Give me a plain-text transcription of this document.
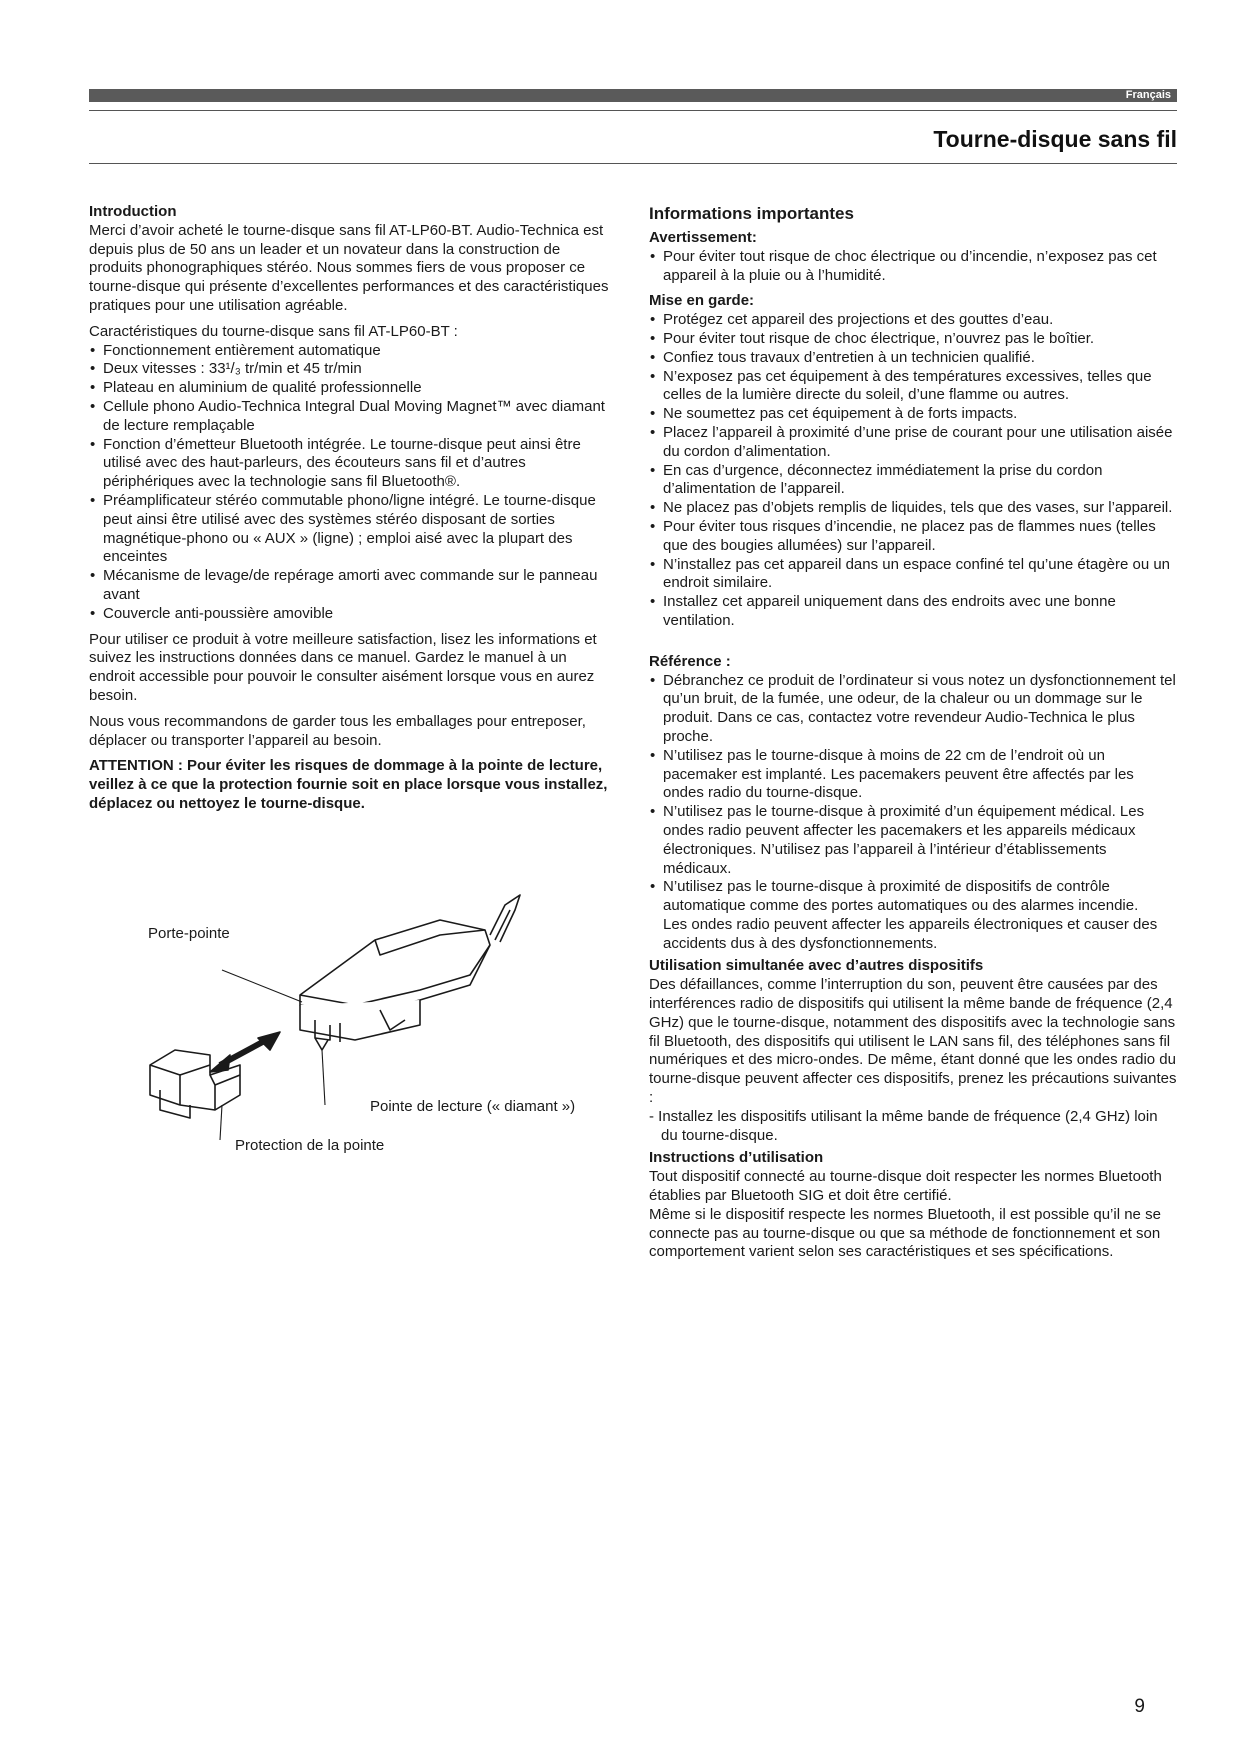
Français
Tourne-disque sans fil

Introduction

Merci d’avoir acheté le tourne-disque sans fil AT-LP60-BT. Audio-Technica est depuis plus de 50 ans un leader et un novateur dans la construction de produits phonographiques stéréo. Nous sommes fiers de vous proposer ce tourne-disque qui présente d’excellentes performances et des caractéristiques pratiques pour une utilisation agréable.

Caractéristiques du tourne-disque sans fil AT-LP60-BT :

• Fonctionnement entièrement automatique
• Deux vitesses : 33¹/₃ tr/min et 45 tr/min
• Plateau en aluminium de qualité professionnelle
• Cellule phono Audio-Technica Integral Dual Moving Magnet™ avec diamant de lecture remplaçable
• Fonction d’émetteur Bluetooth intégrée. Le tourne-disque peut ainsi être utilisé avec des haut-parleurs, des écouteurs sans fil et d’autres périphériques avec la technologie sans fil Bluetooth®.
• Préamplificateur stéréo commutable phono/ligne intégré. Le tourne-disque peut ainsi être utilisé avec des systèmes stéréo disposant de sorties magnétique-phono ou « AUX » (ligne) ; emploi aisé avec la plupart des enceintes
• Mécanisme de levage/de repérage amorti avec commande sur le panneau avant
• Couvercle anti-poussière amovible

Pour utiliser ce produit à votre meilleure satisfaction, lisez les informations et suivez les instructions données dans ce manuel. Gardez le manuel à un endroit accessible pour pouvoir le consulter aisément lorsque vous en aurez besoin.

Nous vous recommandons de garder tous les emballages pour entreposer, déplacer ou transporter l’appareil au besoin.

ATTENTION : Pour éviter les risques de dommage à la pointe de lecture, veillez à ce que la protection fournie soit en place lorsque vous installez, déplacez ou nettoyez le tourne-disque.

Porte-pointe
Pointe de lecture (« diamant »)
Protection de la pointe

Informations importantes

Avertissement:

• Pour éviter tout risque de choc électrique ou d’incendie, n’exposez pas cet appareil à la pluie ou à l’humidité.

Mise en garde:

• Protégez cet appareil des projections et des gouttes d’eau.
• Pour éviter tout risque de choc électrique, n’ouvrez pas le boîtier.
• Confiez tous travaux d’entretien à un technicien qualifié.
• N’exposez pas cet équipement à des températures excessives, telles que celles de la lumière directe du soleil, d’une flamme ou autres.
• Ne soumettez pas cet équipement à de forts impacts.
• Placez l’appareil à proximité d’une prise de courant pour une utilisation aisée du cordon d’alimentation.
• En cas d’urgence, déconnectez immédiatement la prise du cordon d’alimentation de l’appareil.
• Ne placez pas d’objets remplis de liquides, tels que des vases, sur l’appareil.
• Pour éviter tous risques d’incendie, ne placez pas de flammes nues (telles que des bougies allumées) sur l’appareil.
• N’installez pas cet appareil dans un espace confiné tel qu’une étagère ou un endroit similaire.
• Installez cet appareil uniquement dans des endroits avec une bonne ventilation.

Référence :

• Débranchez ce produit de l’ordinateur si vous notez un dysfonctionnement tel qu’un bruit, de la fumée, une odeur, de la chaleur ou un dommage sur le produit. Dans ce cas, contactez votre revendeur Audio-Technica le plus proche.
• N’utilisez pas le tourne-disque à moins de 22 cm de l’endroit où un pacemaker est implanté. Les pacemakers peuvent être affectés par les ondes radio du tourne-disque.
• N’utilisez pas le tourne-disque à proximité d’un équipement médical. Les ondes radio peuvent affecter les pacemakers et les appareils médicaux électroniques. N’utilisez pas l’appareil à l’intérieur d’établissements médicaux.
• N’utilisez pas le tourne-disque à proximité de dispositifs de contrôle automatique comme des portes automatiques ou des alarmes incendie.

Les ondes radio peuvent affecter les appareils électroniques et causer des accidents dus à des dysfonctionnements.

Utilisation simultanée avec d’autres dispositifs

Des défaillances, comme l’interruption du son, peuvent être causées par des interférences radio de dispositifs qui utilisent la même bande de fréquence (2,4 GHz) que le tourne-disque, notamment des dispositifs avec la technologie sans fil Bluetooth, des dispositifs qui utilisent le LAN sans fil, des téléphones sans fil numériques et des micro-ondes. De même, étant donné que les ondes radio du tourne-disque peuvent affecter ces dispositifs, prenez les précautions suivantes :

- Installez les dispositifs utilisant la même bande de fréquence (2,4 GHz) loin du tourne-disque.

Instructions d’utilisation

Tout dispositif connecté au tourne-disque doit respecter les normes Bluetooth établies par Bluetooth SIG et doit être certifié.

Même si le dispositif respecte les normes Bluetooth, il est possible qu’il ne se connecte pas au tourne-disque ou que sa méthode de fonctionnement et son comportement varient selon ses caractéristiques et ses spécifications.

9
